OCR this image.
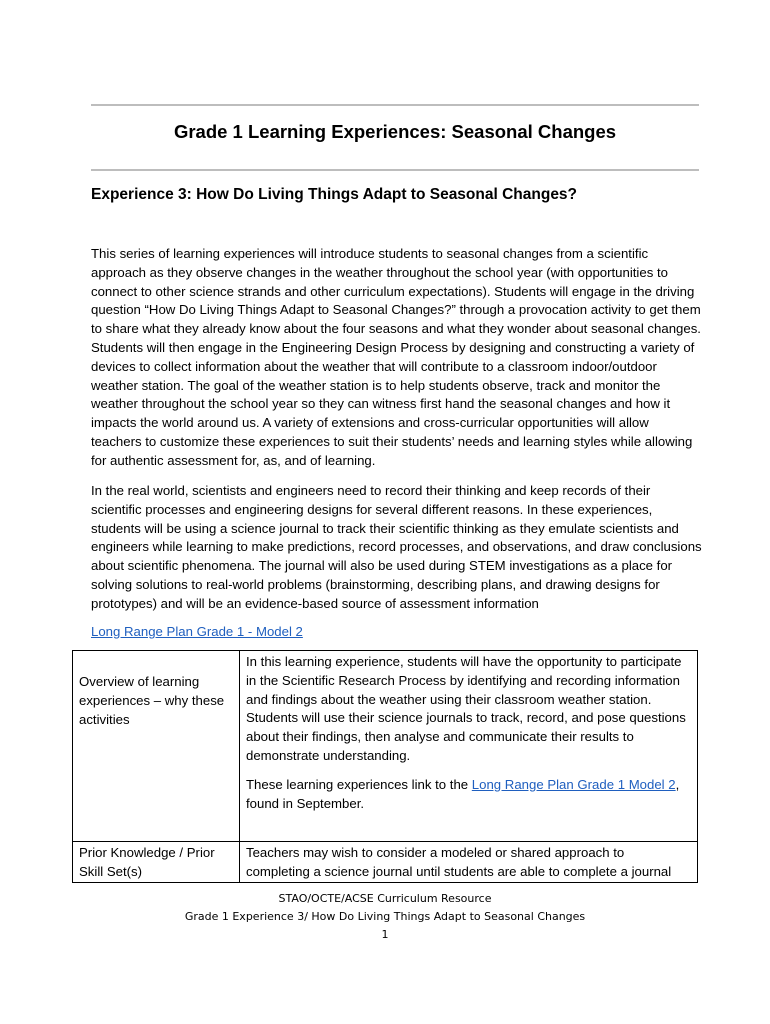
Grade 1 Learning Experiences: Seasonal Changes
Experience 3: How Do Living Things Adapt to Seasonal Changes?

This series of learning experiences will introduce students to seasonal changes from a scientific approach as they observe changes in the weather throughout the school year (with opportunities to connect to other science strands and other curriculum expectations). Students will engage in the driving question “How Do Living Things Adapt to Seasonal Changes?” through a provocation activity to get them to share what they already know about the four seasons and what they wonder about seasonal changes. Students will then engage in the Engineering Design Process by designing and constructing a variety of devices to collect information about the weather that will contribute to a classroom indoor/outdoor weather station. The goal of the weather station is to help students observe, track and monitor the weather throughout the school year so they can witness first hand the seasonal changes and how it impacts the world around us. A variety of extensions and cross-curricular opportunities will allow teachers to customize these experiences to suit their students’ needs and learning styles while allowing for authentic assessment for, as, and of learning.

In the real world, scientists and engineers need to record their thinking and keep records of their scientific processes and engineering designs for several different reasons. In these experiences, students will be using a science journal to track their scientific thinking as they emulate scientists and engineers while learning to make predictions, record processes, and observations, and draw conclusions about scientific phenomena. The journal will also be used during STEM investigations as a place for solving solutions to real-world problems (brainstorming, describing plans, and drawing designs for prototypes) and will be an evidence-based source of assessment information

Long Range Plan Grade 1 - Model 2
Overview of learning experiences – why these activities	In this learning experience, students will have the opportunity to participate in the Scientific Research Process by identifying and recording information and findings about the weather using their classroom weather station. Students will use their science journals to track, record, and pose questions about their findings, then analyse and communicate their results to demonstrate understanding.

These learning experiences link to the Long Range Plan Grade 1 Model 2, found in September.

Prior Knowledge / Prior Skill Set(s)	Teachers may wish to consider a modeled or shared approach to completing a science journal until students are able to complete a journal
STAO/OCTE/ACSE Curriculum Resource
Grade 1 Experience 3/ How Do Living Things Adapt to Seasonal Changes
1
